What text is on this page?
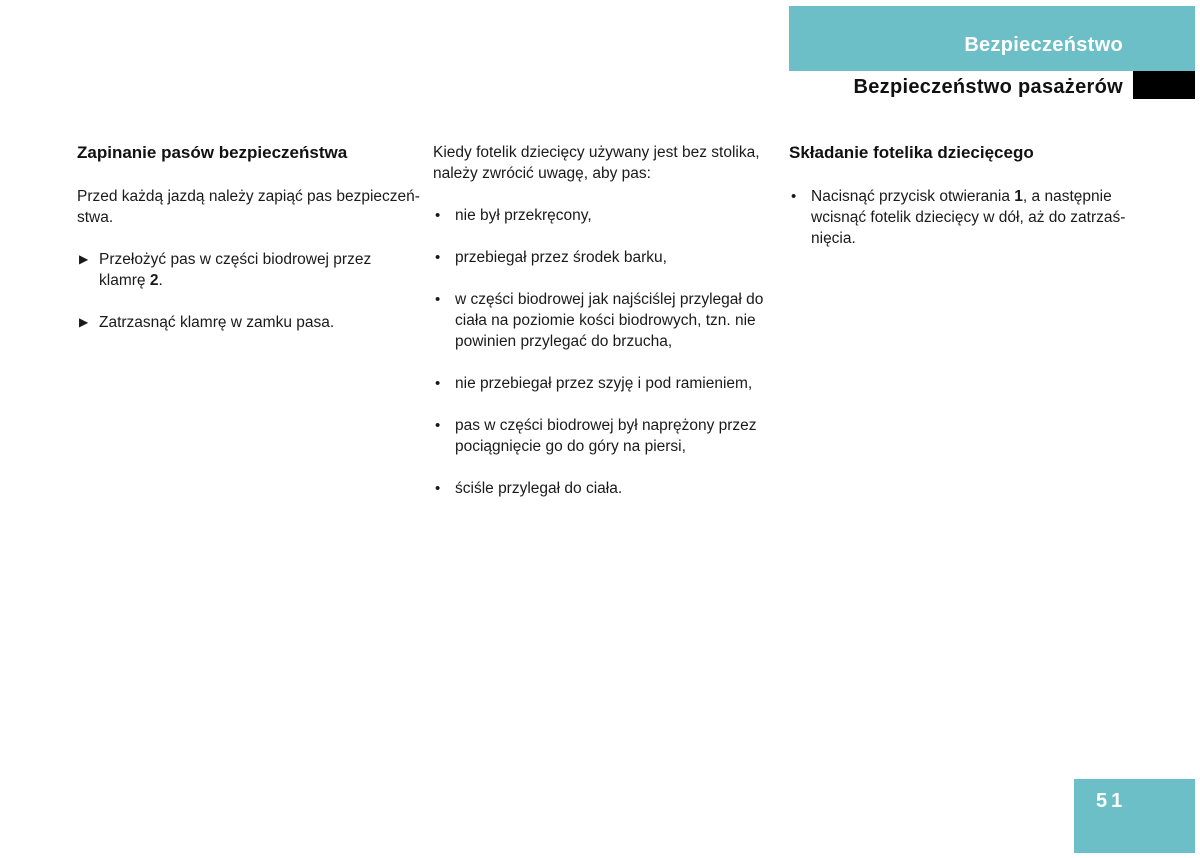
Bezpieczeństwo
Bezpieczeństwo pasażerów
Zapinanie pasów bezpieczeństwa
Przed każdą jazdą należy zapiąć pas bezpieczeń-
stwa.
▶ Przełożyć pas w części biodrowej przez
klamrę 2.
▶ Zatrzasnąć klamrę w zamku pasa.
Kiedy fotelik dziecięcy używany jest bez stolika,
należy zwrócić uwagę, aby pas:
• nie był przekręcony,
• przebiegał przez środek barku,
• w części biodrowej jak najściślej przylegał do
ciała na poziomie kości biodrowych, tzn. nie
powinien przylegać do brzucha,
• nie przebiegał przez szyję i pod ramieniem,
• pas w części biodrowej był naprężony przez
pociągnięcie go do góry na piersi,
• ściśle przylegał do ciała.
Składanie fotelika dziecięcego
• Nacisnąć przycisk otwierania 1, a następnie
wcisnąć fotelik dziecięcy w dół, aż do zatrzaś-
nięcia.
51
